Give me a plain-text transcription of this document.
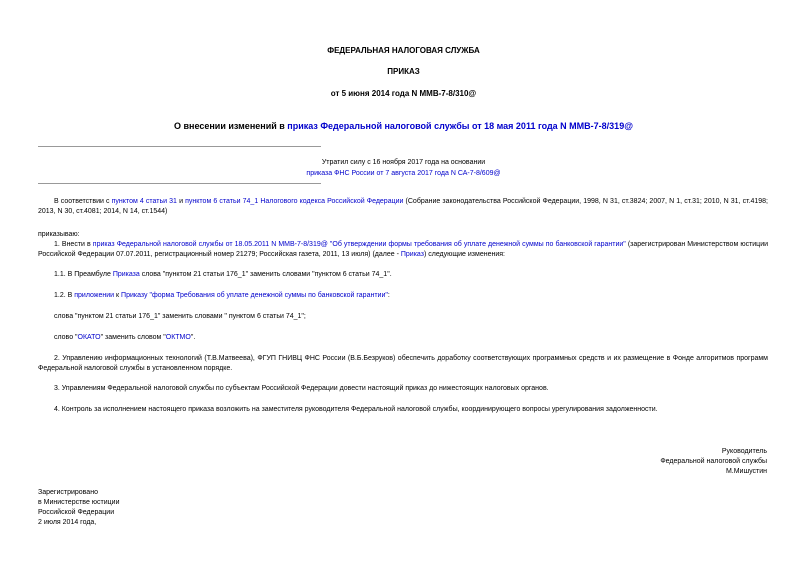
ФЕДЕРАЛЬНАЯ НАЛОГОВАЯ СЛУЖБА
ПРИКАЗ
от 5 июня 2014 года N ММВ-7-8/310@
О внесении изменений в приказ Федеральной налоговой службы от 18 мая 2011 года N ММВ-7-8/319@
Утратил силу с 16 ноября 2017 года на основании
приказа ФНС России от 7 августа 2017 года N СА-7-8/609@
В соответствии с пунктом 4 статьи 31 и пунктом 6 статьи 74_1 Налогового кодекса Российской Федерации (Собрание законодательства Российской Федерации, 1998, N 31, ст.3824; 2007, N 1, ст.31; 2010, N 31, ст.4198; 2013, N 30, ст.4081; 2014, N 14, ст.1544)
приказываю:
1. Внести в приказ Федеральной налоговой службы от 18.05.2011 N ММВ-7-8/319@ "Об утверждении формы требования об уплате денежной суммы по банковской гарантии" (зарегистрирован Министерством юстиции Российской Федерации 07.07.2011, регистрационный номер 21279; Российская газета, 2011, 13 июля) (далее - Приказ) следующие изменения:
1.1. В Преамбуле Приказа слова "пунктом 21 статьи 176_1" заменить словами "пунктом 6 статьи 74_1".
1.2. В приложении к Приказу "форма Требования об уплате денежной суммы по банковской гарантии":
слова "пунктом 21 статьи 176_1" заменить словами " пунктом 6 статьи 74_1";
слово "ОКАТО" заменить словом "ОКТМО".
2. Управлению информационных технологий (Т.В.Матвеева), ФГУП ГНИВЦ ФНС России (В.Б.Безруков) обеспечить доработку соответствующих программных средств и их размещение в Фонде алгоритмов программ Федеральной налоговой службы в установленном порядке.
3. Управлениям Федеральной налоговой службы по субъектам Российской Федерации довести настоящий приказ до нижестоящих налоговых органов.
4. Контроль за исполнением настоящего приказа возложить на заместителя руководителя Федеральной налоговой службы, координирующего вопросы урегулирования задолженности.
Руководитель
Федеральной налоговой службы
М.Мишустин
Зарегистрировано
в Министерстве юстиции
Российской Федерации
2 июля 2014 года,
